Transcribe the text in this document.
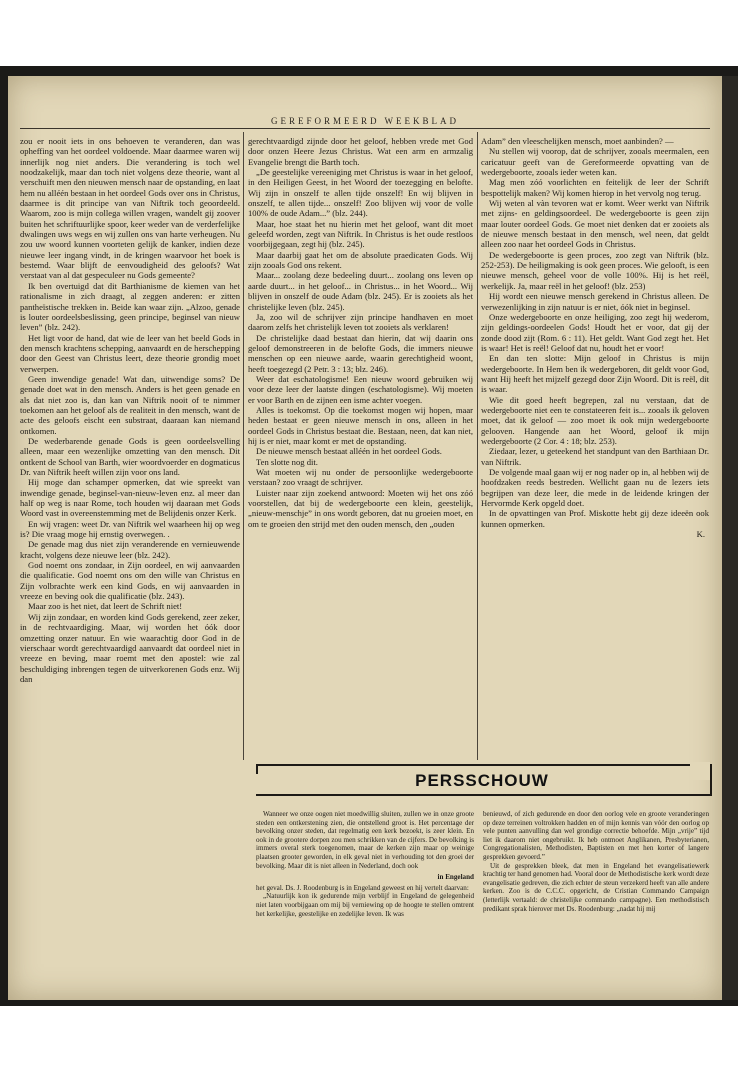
GEREFORMEERD WEEKBLAD

zou er nooit iets in ons behoeven te veranderen, dan was opheffing van het oordeel voldoende. Maar daarmee waren wij innerlijk nog niet anders. Die verandering is toch wel noodzakelijk, maar dan toch niet volgens deze theorie, want al verschuift men den nieuwen mensch naar de opstanding, en laat hem nu alléén bestaan in het oordeel Gods over ons in Christus, daarmee is dit principe van van Niftrik toch geoordeeld. Waarom, zoo is mijn collega willen vragen, wandelt gij zoover buiten het schriftuurlijke spoor, keer weder van de verderfelijke dwalingen uws wegs en wij zullen ons van harte verheugen. Nu zou uw woord kunnen voorteten gelijk de kanker, indien deze nieuwe leer ingang vindt, in de kringen waarvoor het boek is bestemd. Waar blijft de eenvoudigheid des geloofs? Wat verstaat van al dat gespeculeer nu Gods gemeente?

Ik ben overtuigd dat dit Barthianisme de kiemen van het rationalisme in zich draagt, al zeggen anderen: er zitten pantheïstische trekken in. Beide kan waar zijn. „Alzoo, genade is louter oordeelsbeslissing, geen principe, beginsel van nieuw leven” (blz. 242).

Het ligt voor de hand, dat wie de leer van het beeld Gods in den mensch krachtens schepping, aanvaardt en de herschepping door den Geest van Christus leert, deze theorie grondig moet verwerpen.

Geen inwendige genade! Wat dan, uitwendige soms? De genade doet wat in den mensch. Anders is het geen genade en als dat niet zoo is, dan kan van Niftrik nooit of te nimmer toekomen aan het geloof als de realiteit in den mensch, want de acte des geloofs eischt een substraat, daaraan kan niemand ontkomen.

De wederbarende genade Gods is geen oordeelsvelling alleen, maar een wezenlijke omzetting van den mensch. Dit ontkent de School van Barth, wier woordvoerder en dogmaticus Dr. van Niftrik heeft willen zijn voor ons land.

Hij moge dan schamper opmerken, dat wie spreekt van inwendige genade, beginsel-van-nieuw-leven enz. al meer dan half op weg is naar Rome, toch houden wij daaraan met Gods Woord vast in overeenstemming met de Belijdenis onzer Kerk.

En wij vragen: weet Dr. van Niftrik wel waarheen hij op weg is? Die vraag moge hij ernstig overwegen. .

De genade mag dus niet zijn veranderende en vernieuwende kracht, volgens deze nieuwe leer (blz. 242).

God noemt ons zondaar, in Zijn oordeel, en wij aanvaarden die qualificatie. God noemt ons om den wille van Christus en Zijn volbrachte werk een kind Gods, en wij aanvaarden in vreeze en beving ook die qualificatie (blz. 243).

Maar zoo is het niet, dat leert de Schrift niet!

Wij zijn zondaar, en worden kind Gods gerekend, zeer zeker, in de rechtvaardiging. Maar, wij worden het óók door omzetting onzer natuur. En wie waarachtig door God in de vierschaar wordt gerechtvaardigd aanvaardt dat oordeel niet in vreeze en beving, maar roemt met den apostel: wie zal beschuldiging inbrengen tegen de uitverkorenen Gods enz. Wij dan

gerechtvaardigd zijnde door het geloof, hebben vrede met God door onzen Heere Jezus Christus. Wat een arm en armzalig Evangelie brengt die Barth toch.

„De geestelijke vereeniging met Christus is waar in het geloof, in den Heiligen Geest, in het Woord der toezegging en belofte. Wij zijn in onszelf te allen tijde onszelf! En wij blijven in onszelf, te allen tijde... onszelf! Zoo blijven wij voor de volle 100% de oude Adam...” (blz. 244).

Maar, hoe staat het nu hierin met het geloof, want dit moet geleefd worden, zegt van Niftrik. In Christus is het oude restloos voorbijgegaan, zegt hij (blz. 245).

Maar daarbij gaat het om de absolute praedicaten Gods. Wij zijn zooals God ons rekent.

Maar... zoolang deze bedeeling duurt... zoolang ons leven op aarde duurt... in het geloof... in Christus... in het Woord... Wij blijven in onszelf de oude Adam (blz. 245). Er is zooiets als het christelijke leven (blz. 245).

Ja, zoo wil de schrijver zijn principe handhaven en moet daarom zelfs het christelijk leven tot zooiets als verklaren!

De christelijke daad bestaat dan hierin, dat wij daarin ons geloof demonstreeren in de belofte Gods, die immers nieuwe menschen op een nieuwe aarde, waarin gerechtigheid woont, heeft toegezegd (2 Petr. 3 : 13; blz. 246).

Weer dat eschatologisme! Een nieuw woord gebruiken wij voor deze leer der laatste dingen (eschatologisme). Wij moeten er voor Barth en de zijnen een isme achter voegen.

Alles is toekomst. Op die toekomst mogen wij hopen, maar heden bestaat er geen nieuwe mensch in ons, alleen in het oordeel Gods in Christus bestaat die. Bestaan, neen, dat kan niet, hij is er niet, maar komt er met de opstanding.

De nieuwe mensch bestaat alléén in het oordeel Gods.

Ten slotte nog dit.

Wat moeten wij nu onder de persoonlijke wedergeboorte verstaan? zoo vraagt de schrijver.

Luister naar zijn zoekend antwoord: Moeten wij het ons zóó voorstellen, dat bij de wedergeboorte een klein, geestelijk, „nieuw-menschje” in ons wordt geboren, dat nu groeien moet, en om te groeien den strijd met den ouden mensch, den „ouden

Adam” den vleeschelijken mensch, moet aanbinden? —

Nu stellen wij voorop, dat de schrijver, zooals meermalen, een caricatuur geeft van de Gereformeerde opvatting van de wedergeboorte, zooals ieder weten kan.

Mag men zóó voorlichten en feitelijk de leer der Schrift bespottelijk maken? Wij komen hierop in het vervolg nog terug.

Wij weten al vàn tevoren wat er komt. Weer werkt van Niftrik met zijns- en geldingsoordeel. De wedergeboorte is geen zijn maar louter oordeel Gods. Ge moet niet denken dat er zooiets als de nieuwe mensch bestaat in den mensch, wel neen, dat geldt alleen zoo naar het oordeel Gods in Christus.

De wedergeboorte is geen proces, zoo zegt van Niftrik (blz. 252-253). De heiligmaking is ook geen proces. Wie gelooft, is een nieuwe mensch, geheel voor de volle 100%. Hij is het reël, werkelijk. Ja, maar reël in het geloof! (blz. 253)

Hij wordt een nieuwe mensch gerekend in Christus alleen. De verwezenlijking in zijn natuur is er niet, óók niet in beginsel.

Onze wedergeboorte en onze heiliging, zoo zegt hij wederom, zijn geldings-oordeelen Gods! Houdt het er voor, dat gij der zonde dood zijt (Rom. 6 : 11). Het geldt. Want God zegt het. Het is waar! Het is reël! Geloof dat nu, houdt het er voor!

En dan ten slotte: Mijn geloof in Christus is mijn wedergeboorte. In Hem ben ik wedergeboren, dit geldt voor God, want Hij heeft het mijzelf gezegd door Zijn Woord. Dit is reël, dit is waar.

Wie dit goed heeft begrepen, zal nu verstaan, dat de wedergeboorte niet een te constateeren feit is... zooals ik geloven moet, dat ik geloof — zoo moet ik ook mijn wedergeboorte gelooven. Hangende aan het Woord, geloof ik mijn wedergeboorte (2 Cor. 4 : 18; blz. 253).

Ziedaar, lezer, u geteekend het standpunt van den Barthiaan Dr. van Niftrik.

De volgende maal gaan wij er nog nader op in, al hebben wij de hoofdzaken reeds bestreden. Wellicht gaan nu de lezers iets begrijpen van deze leer, die mede in de leidende kringen der Hervormde Kerk opgeld doet.

In de opvattingen van Prof. Miskotte hebt gij deze ideeën ook kunnen opmerken.

K.
PERSSCHOUW

Wanneer we onze oogen niet moedwillig sluiten, zullen we in onze groote steden een ontkerstening zien, die ontstellend groot is. Het percentage der bevolking onzer steden, dat regelmatig een kerk bezoekt, is zeer klein. En ook in de grootere dorpen zou men schrikken van de cijfers. De bevolking is immers overal sterk toegenomen, maar de kerken zijn maar op weinige plaatsen grooter geworden, in elk geval niet in verhouding tot den groei der bevolking. Maar dit is niet alleen in Nederland, doch ook

in Engeland

het geval. Ds. J. Roodenburg is in Engeland geweest en hij vertelt daarvan:

„Natuurlijk kon ik gedurende mijn verblijf in Engeland de gelegenheid niet laten voorbijgaan om mij bij verniewing op de hoogte te stellen omtrent het kerkelijke, geestelijke en zedelijke leven. Ik was

benieuwd, of zich gedurende en door den oorlog vele en groote veranderingen op deze terreinen voltrokken hadden en of mijn kennis van vóór den oorlog op vele punten aanvulling dan wel grondige correctie behoefde. Mijn „vrije” tijd liet ik daarom niet ongebruikt. Ik heb ontmoet Anglikanen, Presbyterianen, Congregationalisten, Methodisten, Baptisten en met hen korter of langere gesprekken gevoerd.”

Uit de gesprekken bleek, dat men in Engeland het evangelisatiewerk krachtig ter hand genomen had. Vooral door de Methodistische kerk wordt deze evangelisatie gedreven, die zich echter de steun verzekerd heeft van alle andere kerken. Zoo is de C.C.C. opgericht, de Cristian Commando Campaign (letterlijk vertaald: de christelijke commando campagne). Een methodistisch predikant sprak hierover met Ds. Roodenburg: „nadat hij mij
